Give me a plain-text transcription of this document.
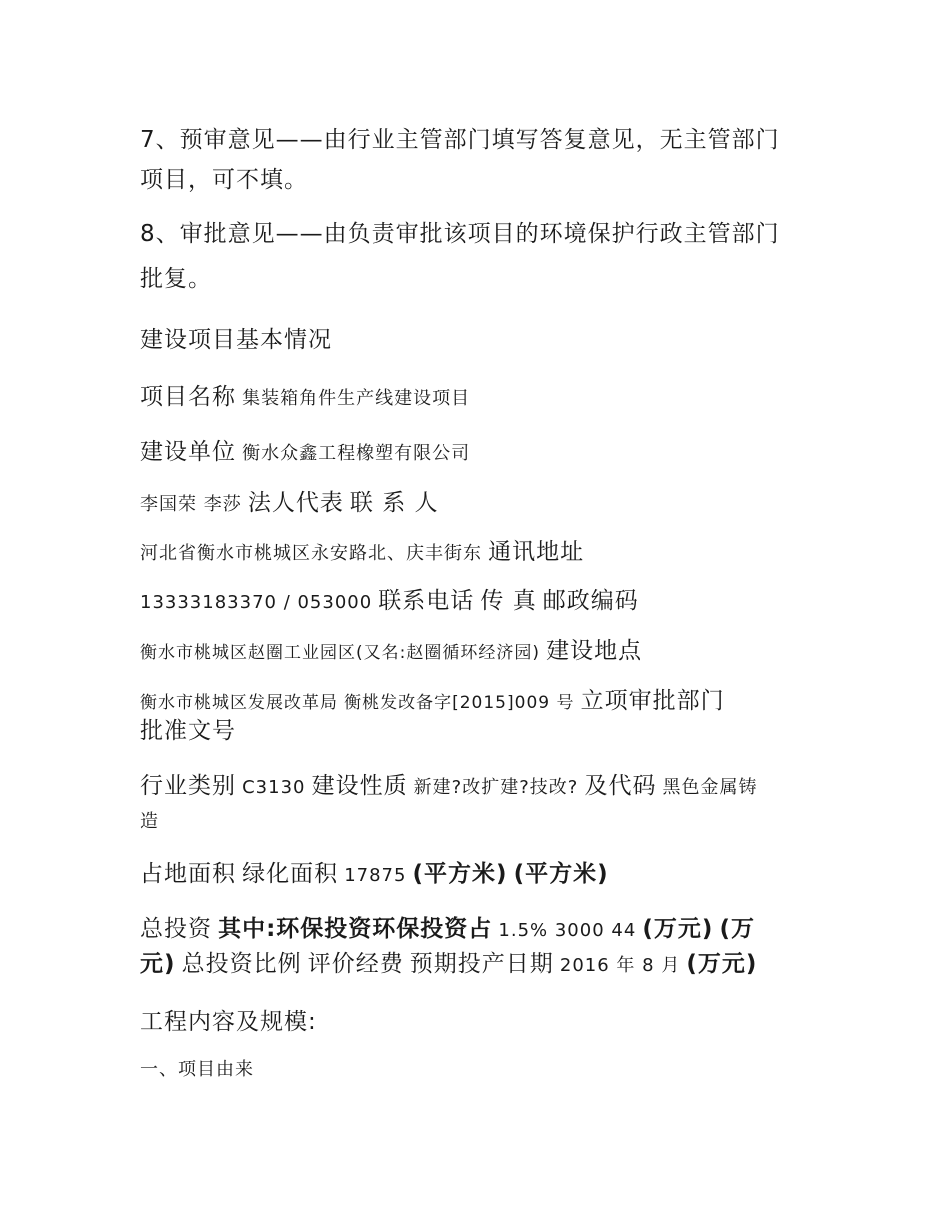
7、预审意见——由行业主管部门填写答复意见，无主管部门
项目，可不填。
8、审批意见——由负责审批该项目的环境保护行政主管部门
批复。
建设项目基本情况
项目名称 集装箱角件生产线建设项目
建设单位 衡水众鑫工程橡塑有限公司
李国荣 李莎 法人代表 联 系 人
河北省衡水市桃城区永安路北、庆丰街东 通讯地址
13333183370 / 053000 联系电话 传 真 邮政编码
衡水市桃城区赵圈工业园区(又名:赵圈循环经济园) 建设地点
衡水市桃城区发展改革局 衡桃发改备字[2015]009 号 立项审批部门
批准文号
行业类别 C3130 建设性质 新建?改扩建?技改? 及代码 黑色金属铸
造
占地面积 绿化面积 17875 (平方米) (平方米)
总投资 其中:环保投资环保投资占 1.5% 3000 44 (万元) (万
元) 总投资比例 评价经费 预期投产日期 2016 年 8 月 (万元)
工程内容及规模:
一、项目由来
